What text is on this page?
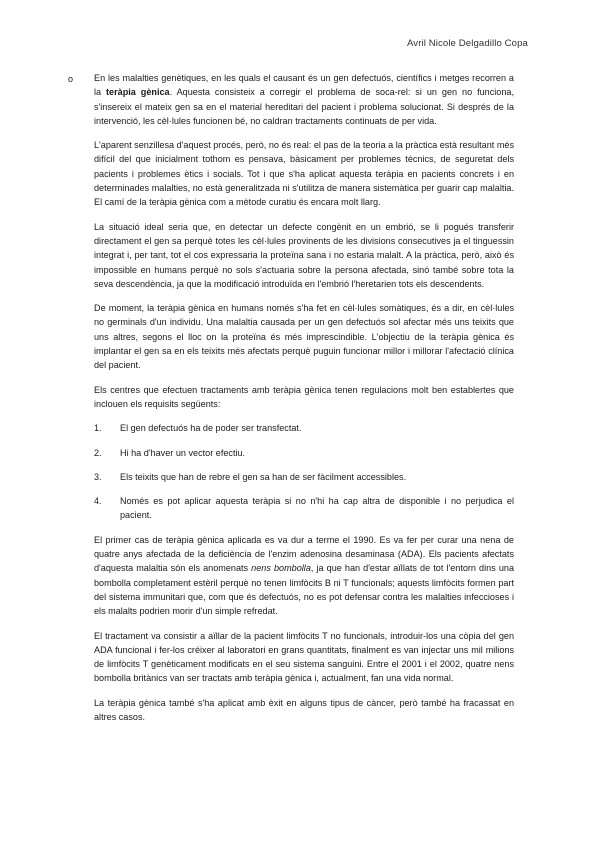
Avril Nicole Delgadillo Copa
o	En les malalties genètiques, en les quals el causant és un gen defectuós, científics i metges recorren a la teràpia gènica. Aquesta consisteix a corregir el problema de soca-rel: si un gen no funciona, s'insereix el mateix gen sa en el material hereditari del pacient i problema solucionat. Si després de la intervenció, les cèl·lules funcionen bé, no caldran tractaments continuats de per vida.

L'aparent senzillesa d'aquest procés, però, no és real: el pas de la teoria a la pràctica està resultant més difícil del que inicialment tothom es pensava, bàsicament per problemes tècnics, de seguretat dels pacients i problemes ètics i socials. Tot i que s'ha aplicat aquesta teràpia en pacients concrets i en determinades malalties, no està generalitzada ni s'utilitza de manera sistemàtica per guarir cap malaltia. El camí de la teràpia gènica com a mètode curatiu és encara molt llarg.

La situació ideal seria que, en detectar un defecte congènit en un embrió, se li pogués transferir directament el gen sa perquè totes les cèl·lules provinents de les divisions consecutives ja el tinguessin integrat i, per tant, tot el cos expressaria la proteïna sana i no estaria malalt. A la pràctica, però, això és impossible en humans perquè no sols s'actuaria sobre la persona afectada, sinó també sobre tota la seva descendència, ja que la modificació introduïda en l'embrió l'heretarien tots els descendents.

De moment, la teràpia gènica en humans només s'ha fet en cèl·lules somàtiques, és a dir, en cèl·lules no germinals d'un individu. Una malaltia causada per un gen defectuós sol afectar més uns teixits que uns altres, segons el lloc on la proteïna és més imprescindible. L'objectiu de la teràpia gènica és implantar el gen sa en els teixits més afectats perquè puguin funcionar millor i millorar l'afectació clínica del pacient.

Els centres que efectuen tractaments amb teràpia gènica tenen regulacions molt ben establertes que inclouen els requisits següents:

1.	El gen defectuós ha de poder ser transfectat.
2.	Hi ha d'haver un vector efectiu.
3.	Els teixits que han de rebre el gen sa han de ser fàcilment accessibles.
4.	Només es pot aplicar aquesta teràpia si no n'hi ha cap altra de disponible i no perjudica el pacient.

El primer cas de teràpia gènica aplicada es va dur a terme el 1990. Es va fer per curar una nena de quatre anys afectada de la deficiència de l'enzim adenosina desaminasa (ADA). Els pacients afectats d'aquesta malaltia són els anomenats nens bombolla, ja que han d'estar aïllats de tot l'entorn dins una bombolla completament estèril perquè no tenen limfòcits B ni T funcionals; aquests limfòcits formen part del sistema immunitari que, com que és defectuós, no es pot defensar contra les malalties infeccioses i els malalts podrien morir d'un simple refredat.

El tractament va consistir a aïllar de la pacient limfòcits T no funcionals, introduir-los una còpia del gen ADA funcional i fer-los créixer al laboratori en grans quantitats, finalment es van injectar uns mil milions de limfòcits T genèticament modificats en el seu sistema sanguini. Entre el 2001 i el 2002, quatre nens bombolla britànics van ser tractats amb teràpia gènica i, actualment, fan una vida normal.

La teràpia gènica també s'ha aplicat amb èxit en alguns tipus de càncer, però també ha fracassat en altres casos.
